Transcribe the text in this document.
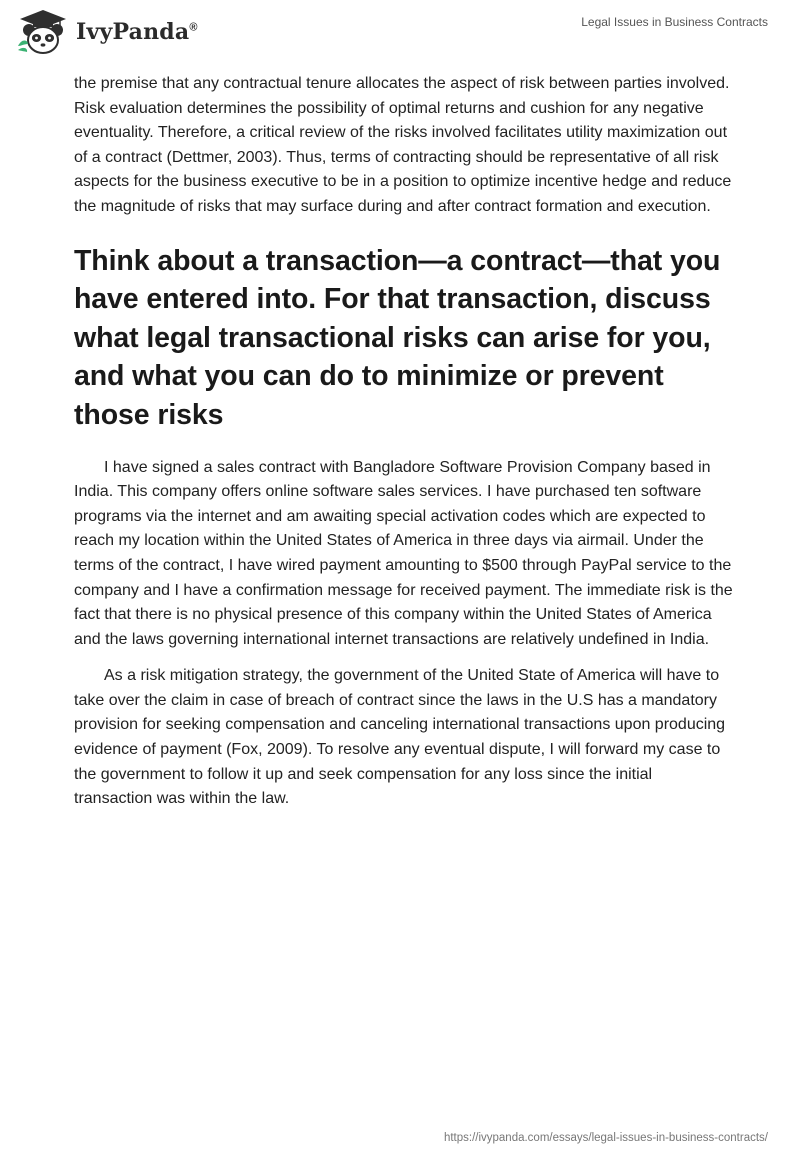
IvyPanda®	Legal Issues in Business Contracts

the premise that any contractual tenure allocates the aspect of risk between parties involved. Risk evaluation determines the possibility of optimal returns and cushion for any negative eventuality. Therefore, a critical review of the risks involved facilitates utility maximization out of a contract (Dettmer, 2003). Thus, terms of contracting should be representative of all risk aspects for the business executive to be in a position to optimize incentive hedge and reduce the magnitude of risks that may surface during and after contract formation and execution.

Think about a transaction—a contract—that you have entered into. For that transaction, discuss what legal transactional risks can arise for you, and what you can do to minimize or prevent those risks

I have signed a sales contract with Bangladore Software Provision Company based in India. This company offers online software sales services. I have purchased ten software programs via the internet and am awaiting special activation codes which are expected to reach my location within the United States of America in three days via airmail. Under the terms of the contract, I have wired payment amounting to $500 through PayPal service to the company and I have a confirmation message for received payment. The immediate risk is the fact that there is no physical presence of this company within the United States of America and the laws governing international internet transactions are relatively undefined in India.

As a risk mitigation strategy, the government of the United State of America will have to take over the claim in case of breach of contract since the laws in the U.S has a mandatory provision for seeking compensation and canceling international transactions upon producing evidence of payment (Fox, 2009). To resolve any eventual dispute, I will forward my case to the government to follow it up and seek compensation for any loss since the initial transaction was within the law.

https://ivypanda.com/essays/legal-issues-in-business-contracts/
